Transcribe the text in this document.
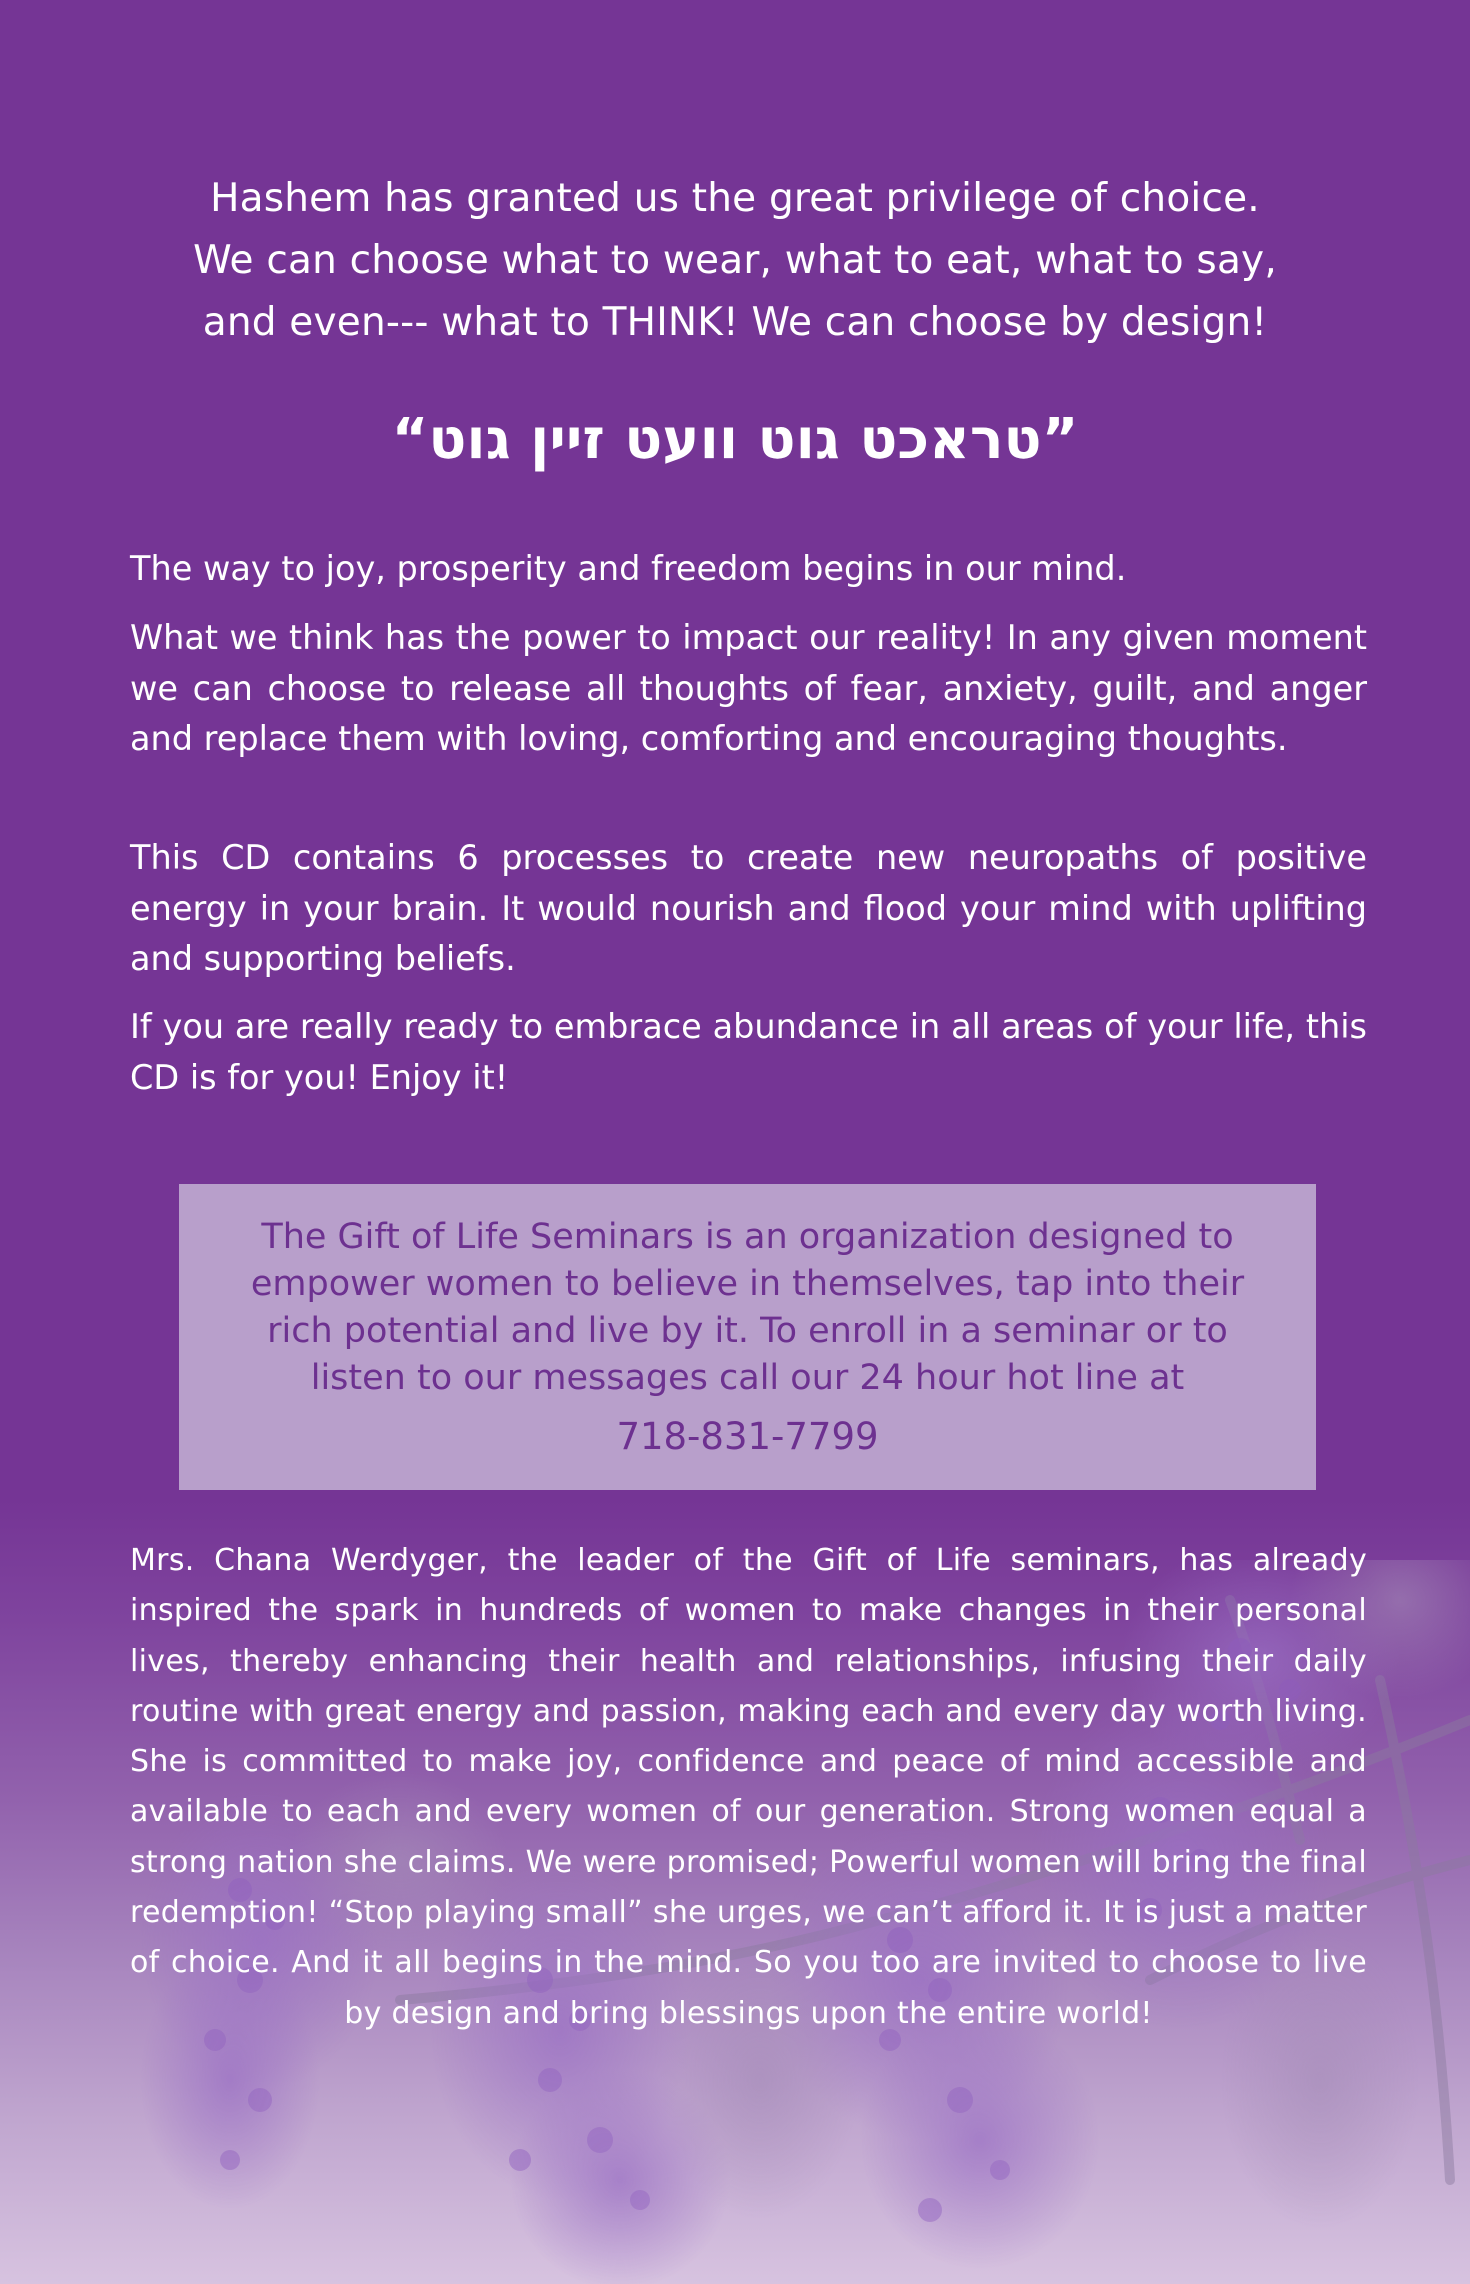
Hashem has granted us the great privilege of choice.
We can choose what to wear, what to eat, what to say,
and even--- what to THINK! We can choose by design!
”טראכט גוט וועט זיין גוט“

The way to joy, prosperity and freedom begins in our mind.

What we think has the power to impact our reality! In any given moment we can choose to release all thoughts of fear, anxiety, guilt, and anger and replace them with loving, comforting and encouraging thoughts.

This CD contains 6 processes to create new neuropaths of positive energy in your brain. It would nourish and flood your mind with uplifting and supporting beliefs.

If you are really ready to embrace abundance in all areas of your life, this CD is for you! Enjoy it!

The Gift of Life Seminars is an organization designed to empower women to believe in themselves, tap into their rich potential and live by it. To enroll in a seminar or to listen to our messages call our 24 hour hot line at
718-831-7799

Mrs. Chana Werdyger, the leader of the Gift of Life seminars, has already inspired the spark in hundreds of women to make changes in their personal lives, thereby enhancing their health and relationships, infusing their daily routine with great energy and passion, making each and every day worth living. She is committed to make joy, confidence and peace of mind accessible and available to each and every women of our generation. Strong women equal a strong nation she claims. We were promised; Powerful women will bring the final redemption! “Stop playing small” she urges, we can’t afford it. It is just a matter of choice. And it all begins in the mind. So you too are invited to choose to live by design and bring blessings upon the entire world!
